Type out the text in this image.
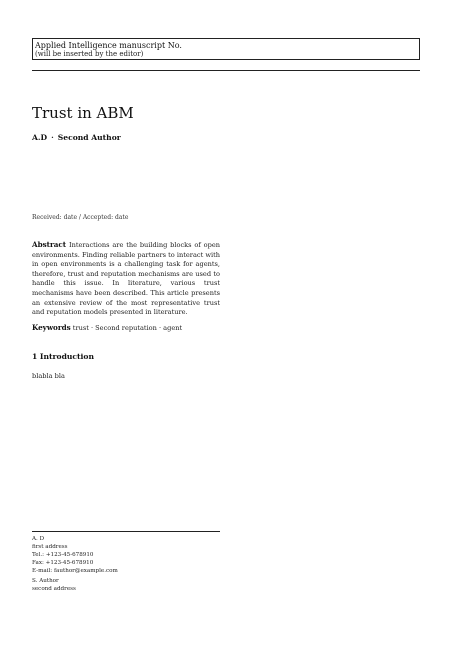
Applied Intelligence manuscript No.
(will be inserted by the editor)
Trust in ABM
A.D · Second Author
Received: date / Accepted: date
Abstract Interactions are the building blocks of open environments. Finding reliable partners to interact with in open environments is a challenging task for agents, therefore, trust and reputation mechanisms are used to handle this issue. In literature, various trust mechanisms have been described. This article presents an extensive review of the most representative trust and reputation models presented in literature.
Keywords trust · Second reputation · agent
1 Introduction
blabla bla
A. D
first address
Tel.: +123-45-678910
Fax: +123-45-678910
E-mail: fauthor@example.com
S. Author
second address
